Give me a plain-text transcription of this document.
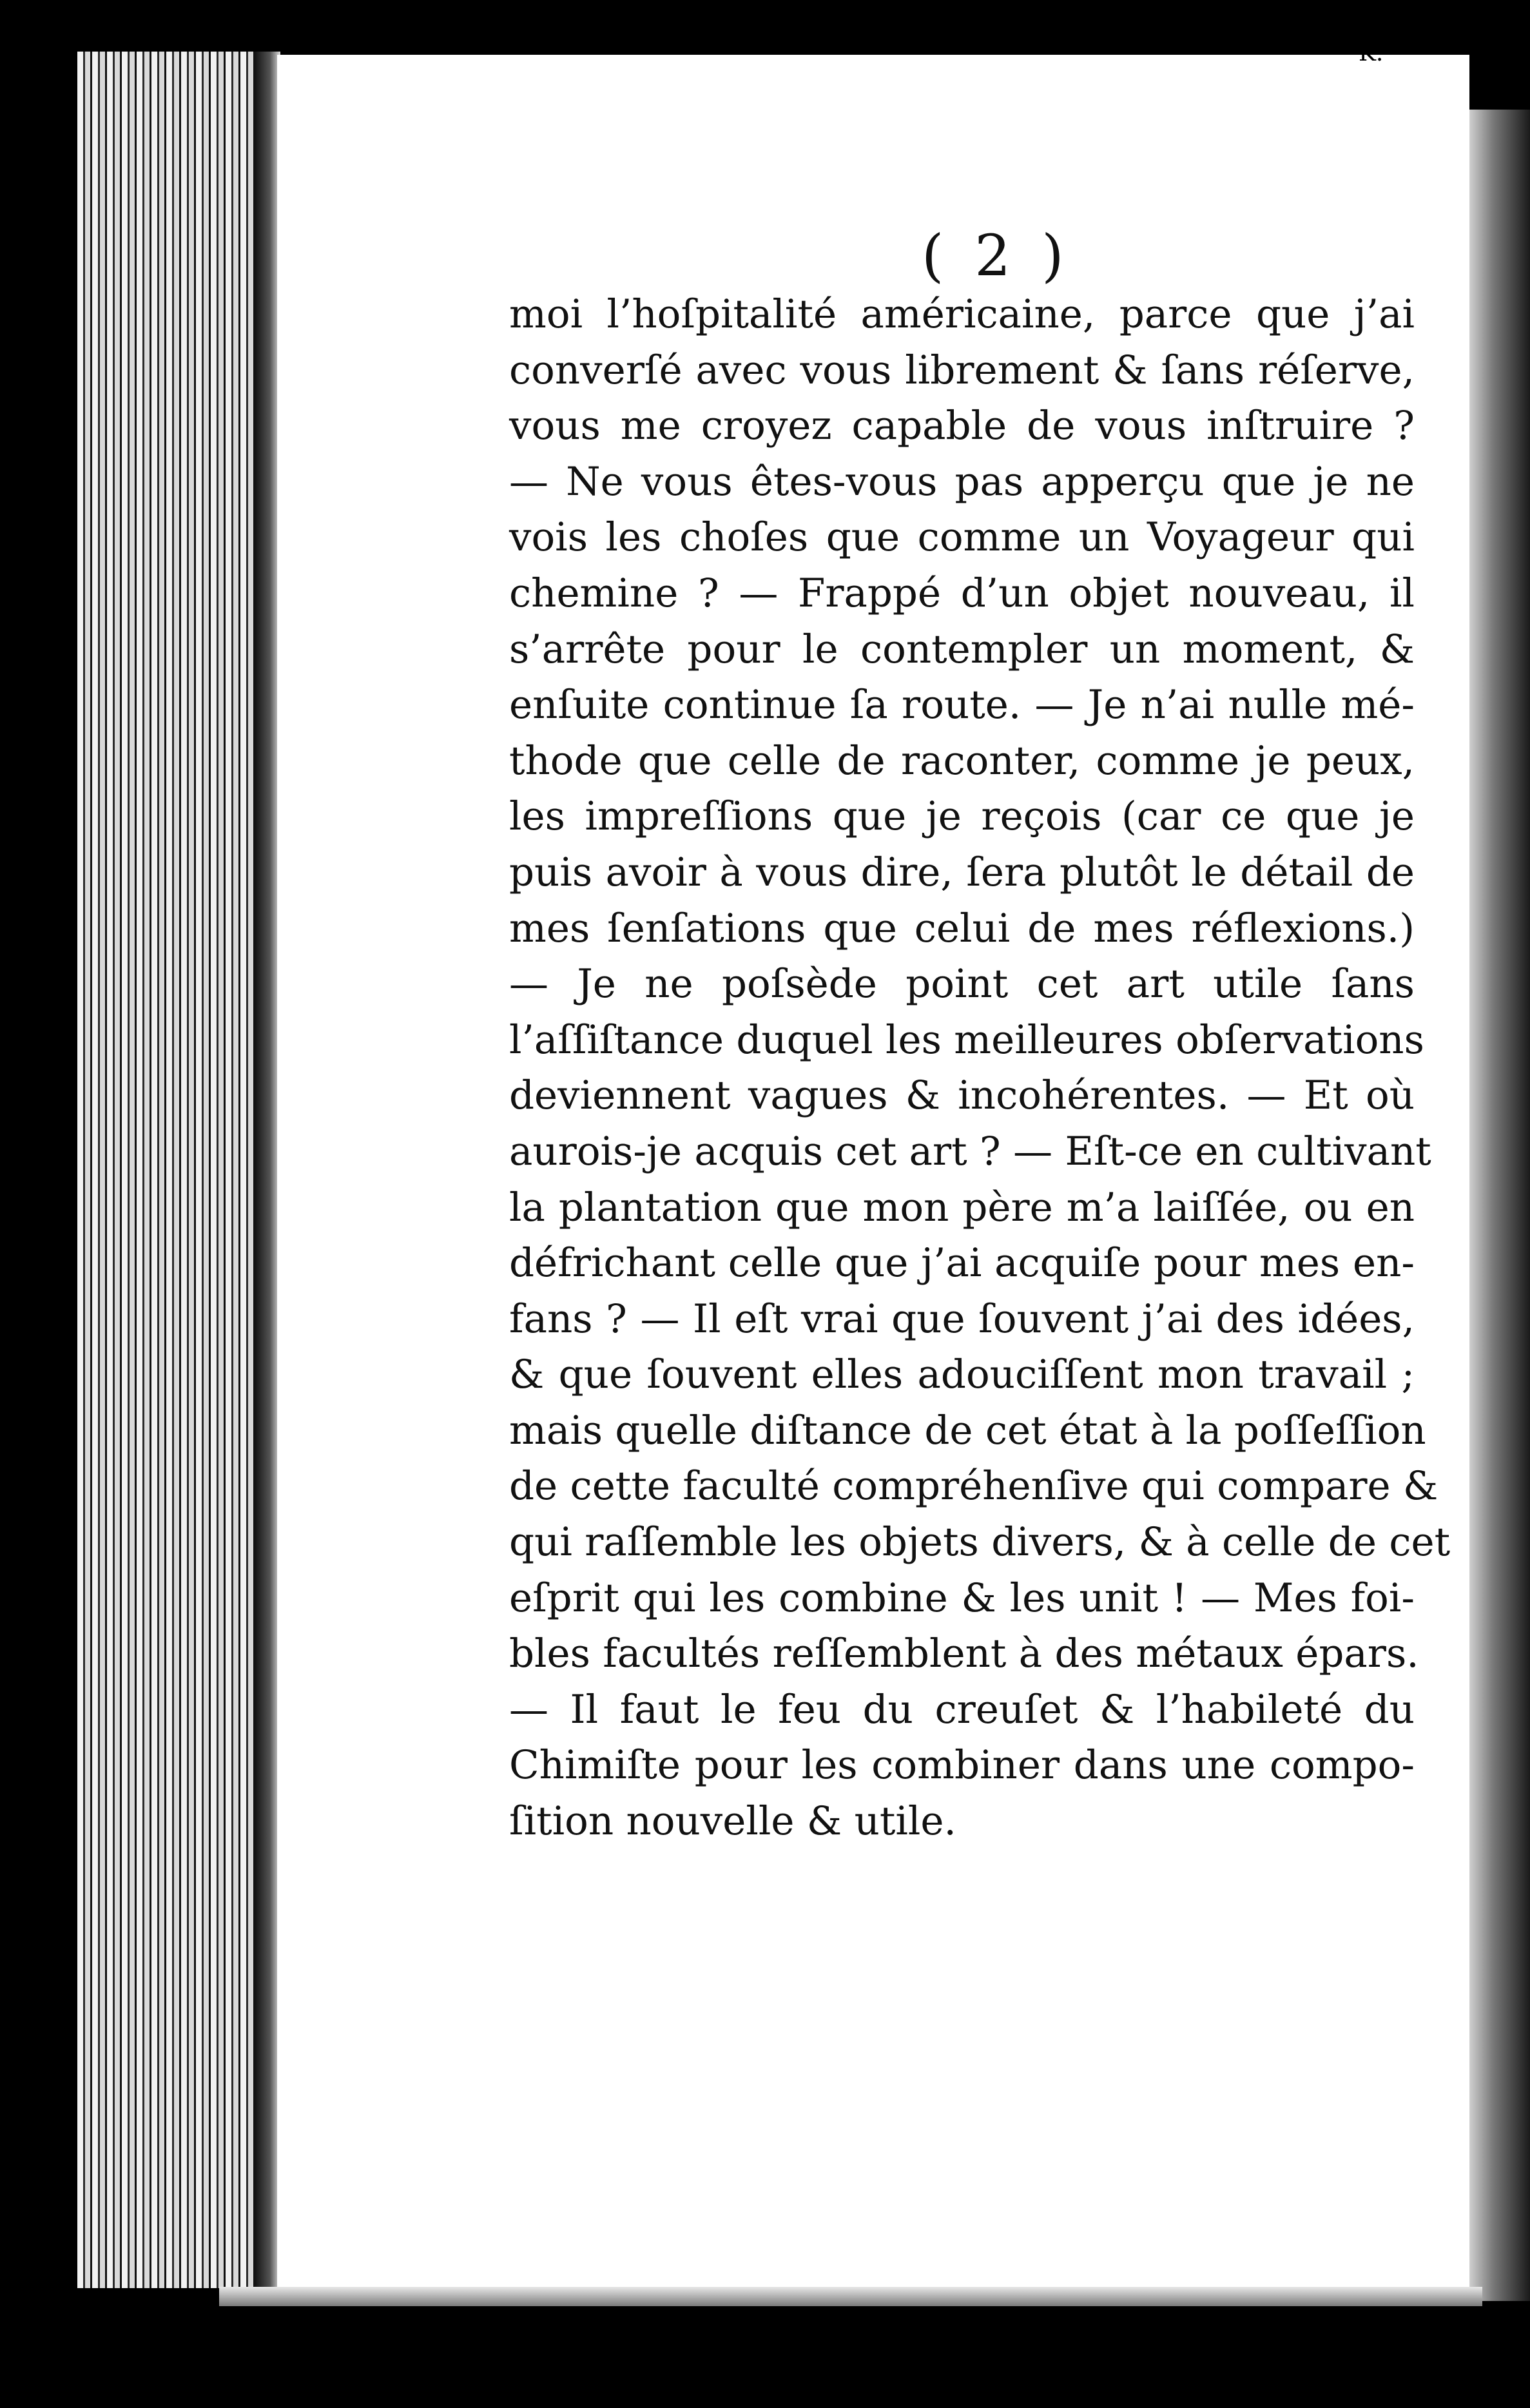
K.
( 2 )
moi l’hoſpitalité américaine, parce que j’ai
converſé avec vous librement & ſans réſerve,
vous me croyez capable de vous inſtruire ?
— Ne vous êtes-vous pas apperçu que je ne
vois les choſes que comme un Voyageur qui
chemine ? — Frappé d’un objet nouveau, il
s’arrête pour le contempler un moment, &
enſuite continue ſa route. — Je n’ai nulle mé-
thode que celle de raconter, comme je peux,
les impreſſions que je reçois (car ce que je
puis avoir à vous dire, ſera plutôt le détail de
mes ſenſations que celui de mes réflexions.)
— Je ne poſsède point cet art utile ſans
l’aſſiſtance duquel les meilleures obſervations
deviennent vagues & incohérentes. — Et où
aurois-je acquis cet art ? — Eſt-ce en cultivant
la plantation que mon père m’a laiſſée, ou en
défrichant celle que j’ai acquiſe pour mes en-
fans ? — Il eſt vrai que ſouvent j’ai des idées,
& que ſouvent elles adouciſſent mon travail ;
mais quelle diſtance de cet état à la poſſeſſion
de cette faculté compréhenſive qui compare &
qui raſſemble les objets divers, & à celle de cet
eſprit qui les combine & les unit ! — Mes foi-
bles facultés reſſemblent à des métaux épars.
— Il faut le feu du creuſet & l’habileté du
Chimiſte pour les combiner dans une compo-
ſition nouvelle & utile.
